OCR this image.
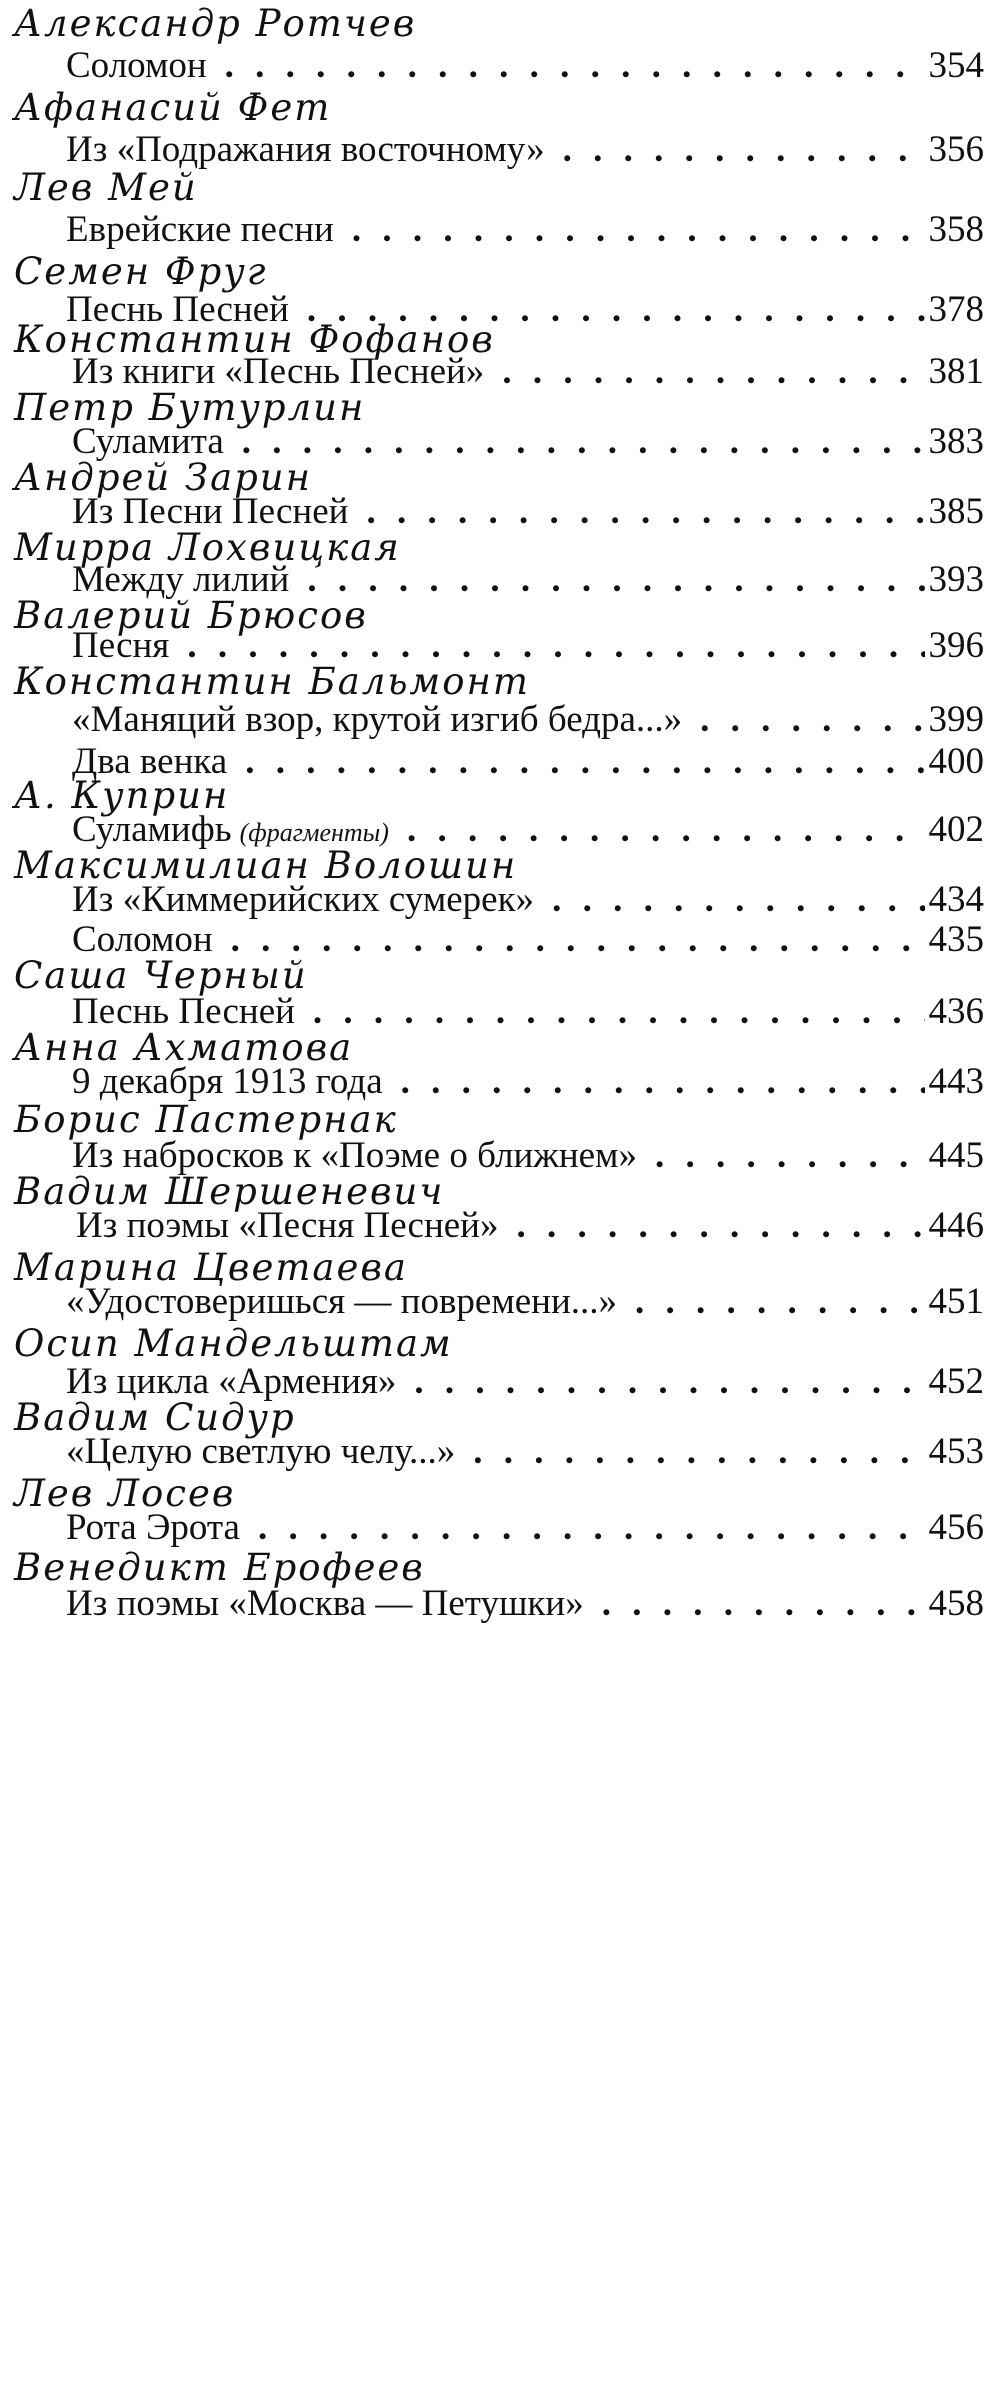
Александр Ротчев
Соломон . . .	354
Афанасий Фет
Из «Подражания восточному» . . .	356
Лев Мей
Еврейские песни . . .	358
Семен Фруг
Песнь Песней . . .	378
Константин Фофанов
Из книги «Песнь Песней» . . .	381
Петр Бутурлин
Суламита . . .	383
Андрей Зарин
Из Песни Песней . . .	385
Мирра Лохвицкая
Между лилий . . .	393
Валерий Брюсов
Песня . . .	396
Константин Бальмонт
«Маняций взор, крутой изгиб бедра...» . . .	399
Два венка . . .	400
А. Куприн
Суламифь (фрагменты) . . .	402
Максимилиан Волошин
Из «Киммерийских сумерек» . . .	434
Соломон . . .	435
Саша Черный
Песнь Песней . . .	436
Анна Ахматова
9 декабря 1913 года . . .	443
Борис Пастернак
Из набросков к «Поэме о ближнем» . . .	445
Вадим Шершеневич
Из поэмы «Песня Песней» . . .	446
Марина Цветаева
«Удостоверишься — повремени...» . . .	451
Осип Мандельштам
Из цикла «Армения» . . .	452
Вадим Сидур
«Целую светлую челу...» . . .	453
Лев Лосев
Рота Эрота . . .	456
Венедикт Ерофеев
Из поэмы «Москва — Петушки» . . .	458
